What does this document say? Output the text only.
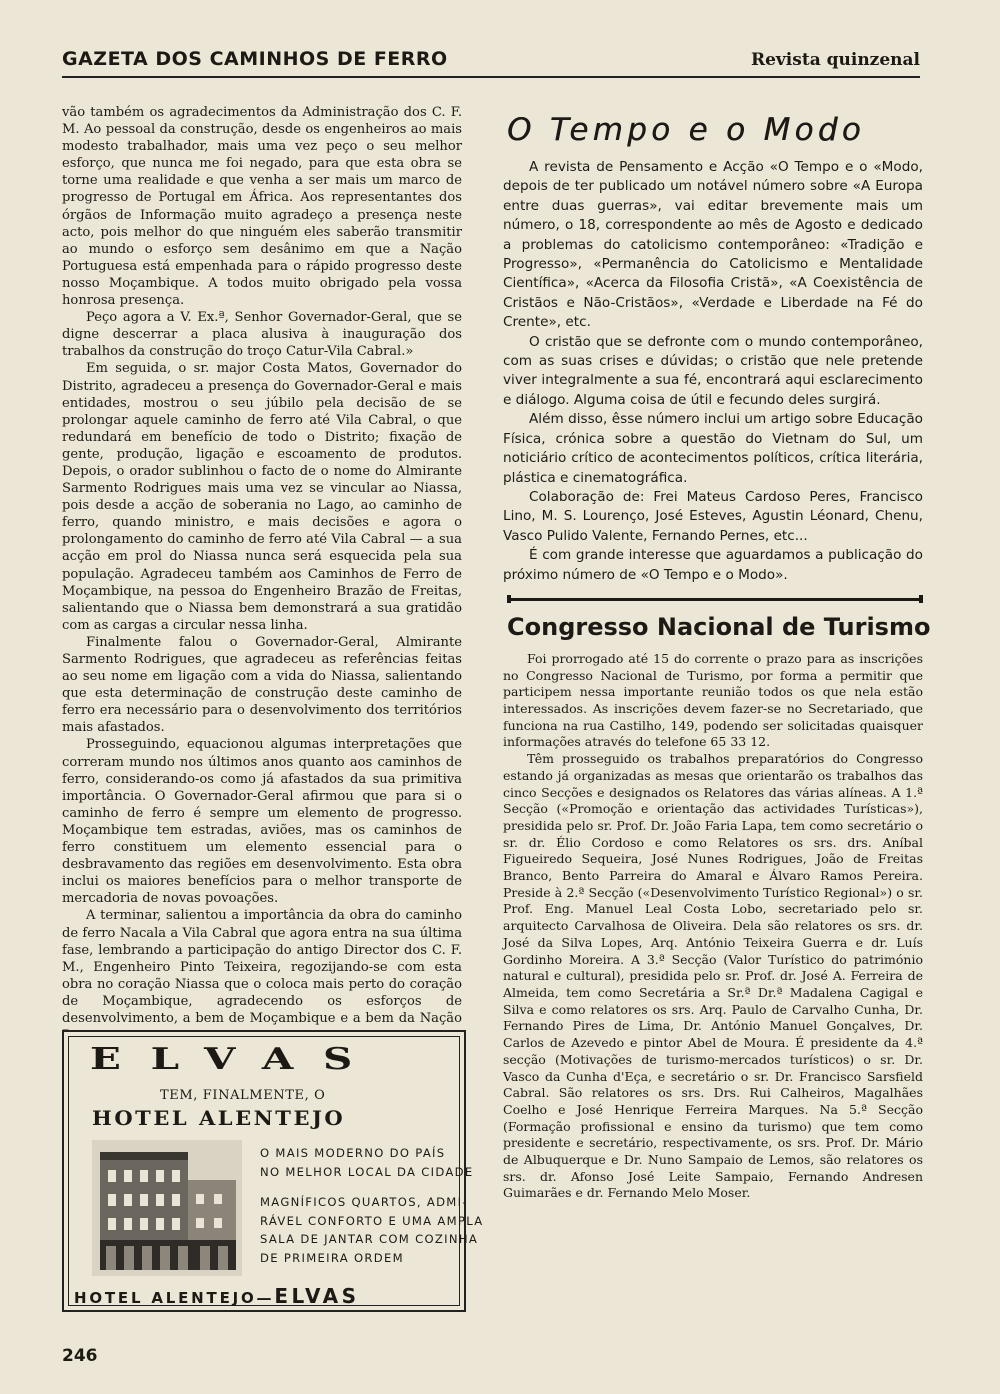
GAZETA DOS CAMINHOS DE FERRO	Revista quinzenal

vão também os agradecimentos da Administração dos C. F. M. Ao pessoal da construção, desde os engenheiros ao mais modesto trabalhador, mais uma vez peço o seu melhor esforço, que nunca me foi negado, para que esta obra se torne uma realidade e que venha a ser mais um marco de progresso de Portugal em África. Aos representantes dos órgãos de Informação muito agradeço a presença neste acto, pois melhor do que ninguém eles saberão transmitir ao mundo o esforço sem desânimo em que a Nação Portuguesa está empenhada para o rápido progresso deste nosso Moçambique. A todos muito obrigado pela vossa honrosa presença.

Peço agora a V. Ex.ª, Senhor Governador-Geral, que se digne descerrar a placa alusiva à inauguração dos trabalhos da construção do troço Catur-Vila Cabral.»

Em seguida, o sr. major Costa Matos, Governador do Distrito, agradeceu a presença do Governador-Geral e mais entidades, mostrou o seu júbilo pela decisão de se prolongar aquele caminho de ferro até Vila Cabral, o que redundará em benefício de todo o Distrito; fixação de gente, produção, ligação e escoamento de produtos. Depois, o orador sublinhou o facto de o nome do Almirante Sarmento Rodrigues mais uma vez se vincular ao Niassa, pois desde a acção de soberania no Lago, ao caminho de ferro, quando ministro, e mais decisões e agora o prolongamento do caminho de ferro até Vila Cabral — a sua acção em prol do Niassa nunca será esquecida pela sua população. Agradeceu também aos Caminhos de Ferro de Moçambique, na pessoa do Engenheiro Brazão de Freitas, salientando que o Niassa bem demonstrará a sua gratidão com as cargas a circular nessa linha.

Finalmente falou o Governador-Geral, Almirante Sarmento Rodrigues, que agradeceu as referências feitas ao seu nome em ligação com a vida do Niassa, salientando que esta determinação de construção deste caminho de ferro era necessário para o desenvolvimento dos territórios mais afastados.

Prosseguindo, equacionou algumas interpretações que correram mundo nos últimos anos quanto aos caminhos de ferro, considerando-os como já afastados da sua primitiva importância. O Governador-Geral afirmou que para si o caminho de ferro é sempre um elemento de progresso. Moçambique tem estradas, aviões, mas os caminhos de ferro constituem um elemento essencial para o desbravamento das regiões em desenvolvimento. Esta obra inclui os maiores benefícios para o melhor transporte de mercadoria de novas povoações.

A terminar, salientou a importância da obra do caminho de ferro Nacala a Vila Cabral que agora entra na sua última fase, lembrando a participação do antigo Director dos C. F. M., Engenheiro Pinto Teixeira, regozijando-se com esta obra no coração Niassa que o coloca mais perto do coração de Moçambique, agradecendo os esforços de desenvolvimento, a bem de Moçambique e a bem da Nação

ELVAS
TEM, FINALMENTE, O
HOTEL ALENTEJO
O MAIS MODERNO DO PAÍS
NO MELHOR LOCAL DA CIDADE
MAGNÍFICOS QUARTOS, ADMI-
RÁVEL CONFORTO E UMA AMPLA
SALA DE JANTAR COM COZINHA
DE PRIMEIRA ORDEM
HOTEL ALENTEJO—ELVAS
O Tempo e o Modo

A revista de Pensamento e Acção «O Tempo e o «Modo, depois de ter publicado um notável número sobre «A Europa entre duas guerras», vai editar brevemente mais um número, o 18, correspondente ao mês de Agosto e dedicado a problemas do catolicismo contemporâneo: «Tradição e Progresso», «Permanência do Catolicismo e Mentalidade Científica», «Acerca da Filosofia Cristã», «A Coexistência de Cristãos e Não-Cristãos», «Verdade e Liberdade na Fé do Crente», etc.

O cristão que se defronte com o mundo contemporâneo, com as suas crises e dúvidas; o cristão que nele pretende viver integralmente a sua fé, encontrará aqui esclarecimento e diálogo. Alguma coisa de útil e fecundo deles surgirá.

Além disso, êsse número inclui um artigo sobre Educação Física, crónica sobre a questão do Vietnam do Sul, um noticiário crítico de acontecimentos políticos, crítica literária, plástica e cinematográfica.

Colaboração de: Frei Mateus Cardoso Peres, Francisco Lino, M. S. Lourenço, José Esteves, Agustin Léonard, Chenu, Vasco Pulido Valente, Fernando Pernes, etc...

É com grande interesse que aguardamos a publicação do próximo número de «O Tempo e o Modo».

Congresso Nacional de Turismo

Foi prorrogado até 15 do corrente o prazo para as inscrições no Congresso Nacional de Turismo, por forma a permitir que participem nessa importante reunião todos os que nela estão interessados. As inscrições devem fazer-se no Secretariado, que funciona na rua Castilho, 149, podendo ser solicitadas quaisquer informações através do telefone 65 33 12.

Têm prosseguido os trabalhos preparatórios do Congresso estando já organizadas as mesas que orientarão os trabalhos das cinco Secções e designados os Relatores das várias alíneas. A 1.ª Secção («Promoção e orientação das actividades Turísticas»), presidida pelo sr. Prof. Dr. João Faria Lapa, tem como secretário o sr. dr. Élio Cordoso e como Relatores os srs. drs. Aníbal Figueiredo Sequeira, José Nunes Rodrigues, João de Freitas Branco, Bento Parreira do Amaral e Álvaro Ramos Pereira. Preside à 2.ª Secção («Desenvolvimento Turístico Regional») o sr. Prof. Eng. Manuel Leal Costa Lobo, secretariado pelo sr. arquitecto Carvalhosa de Oliveira. Dela são relatores os srs. dr. José da Silva Lopes, Arq. António Teixeira Guerra e dr. Luís Gordinho Moreira. A 3.ª Secção (Valor Turístico do património natural e cultural), presidida pelo sr. Prof. dr. José A. Ferreira de Almeida, tem como Secretária a Sr.ª Dr.ª Madalena Cagigal e Silva e como relatores os srs. Arq. Paulo de Carvalho Cunha, Dr. Fernando Pires de Lima, Dr. António Manuel Gonçalves, Dr. Carlos de Azevedo e pintor Abel de Moura. É presidente da 4.ª secção (Motivações de turismo-mercados turísticos) o sr. Dr. Vasco da Cunha d'Eça, e secretário o sr. Dr. Francisco Sarsfield Cabral. São relatores os srs. Drs. Rui Calheiros, Magalhães Coelho e José Henrique Ferreira Marques. Na 5.ª Secção (Formação profissional e ensino da turismo) que tem como presidente e secretário, respectivamente, os srs. Prof. Dr. Mário de Albuquerque e Dr. Nuno Sampaio de Lemos, são relatores os srs. dr. Afonso José Leite Sampaio, Fernando Andresen Guimarães e dr. Fernando Melo Moser.

246
